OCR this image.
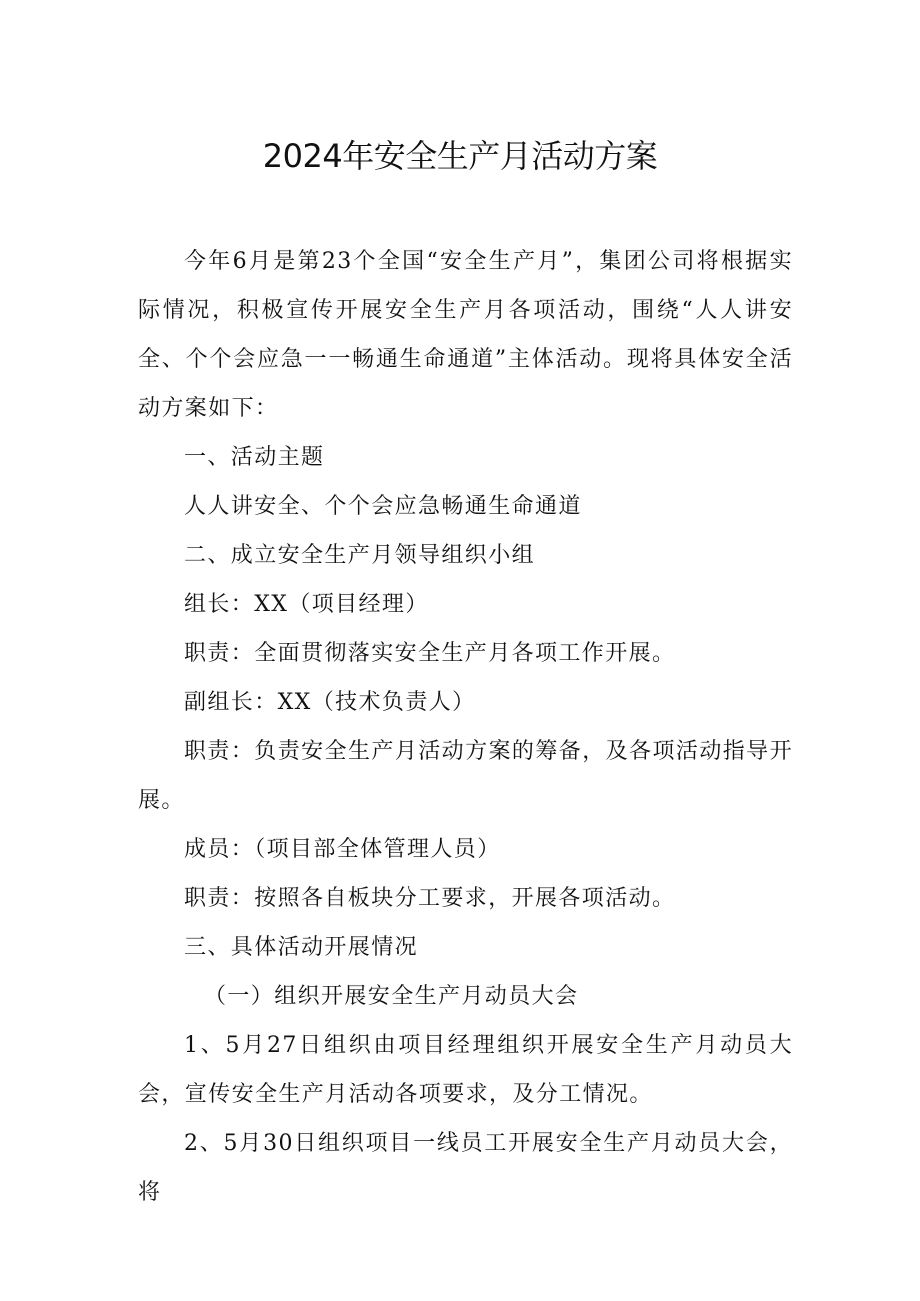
2024年安全生产月活动方案

今年6月是第23个全国“安全生产月”，集团公司将根据实际情况，积极宣传开展安全生产月各项活动，围绕“人人讲安全、个个会应急一一畅通生命通道”主体活动。现将具体安全活动方案如下：

一、活动主题

人人讲安全、个个会应急畅通生命通道

二、成立安全生产月领导组织小组

组长：XX（项目经理）

职责：全面贯彻落实安全生产月各项工作开展。

副组长：XX（技术负责人）

职责：负责安全生产月活动方案的筹备，及各项活动指导开展。

成员：（项目部全体管理人员）

职责：按照各自板块分工要求，开展各项活动。

三、具体活动开展情况

（一）组织开展安全生产月动员大会

1、5月27日组织由项目经理组织开展安全生产月动员大会，宣传安全生产月活动各项要求，及分工情况。

2、5月30日组织项目一线员工开展安全生产月动员大会，将
